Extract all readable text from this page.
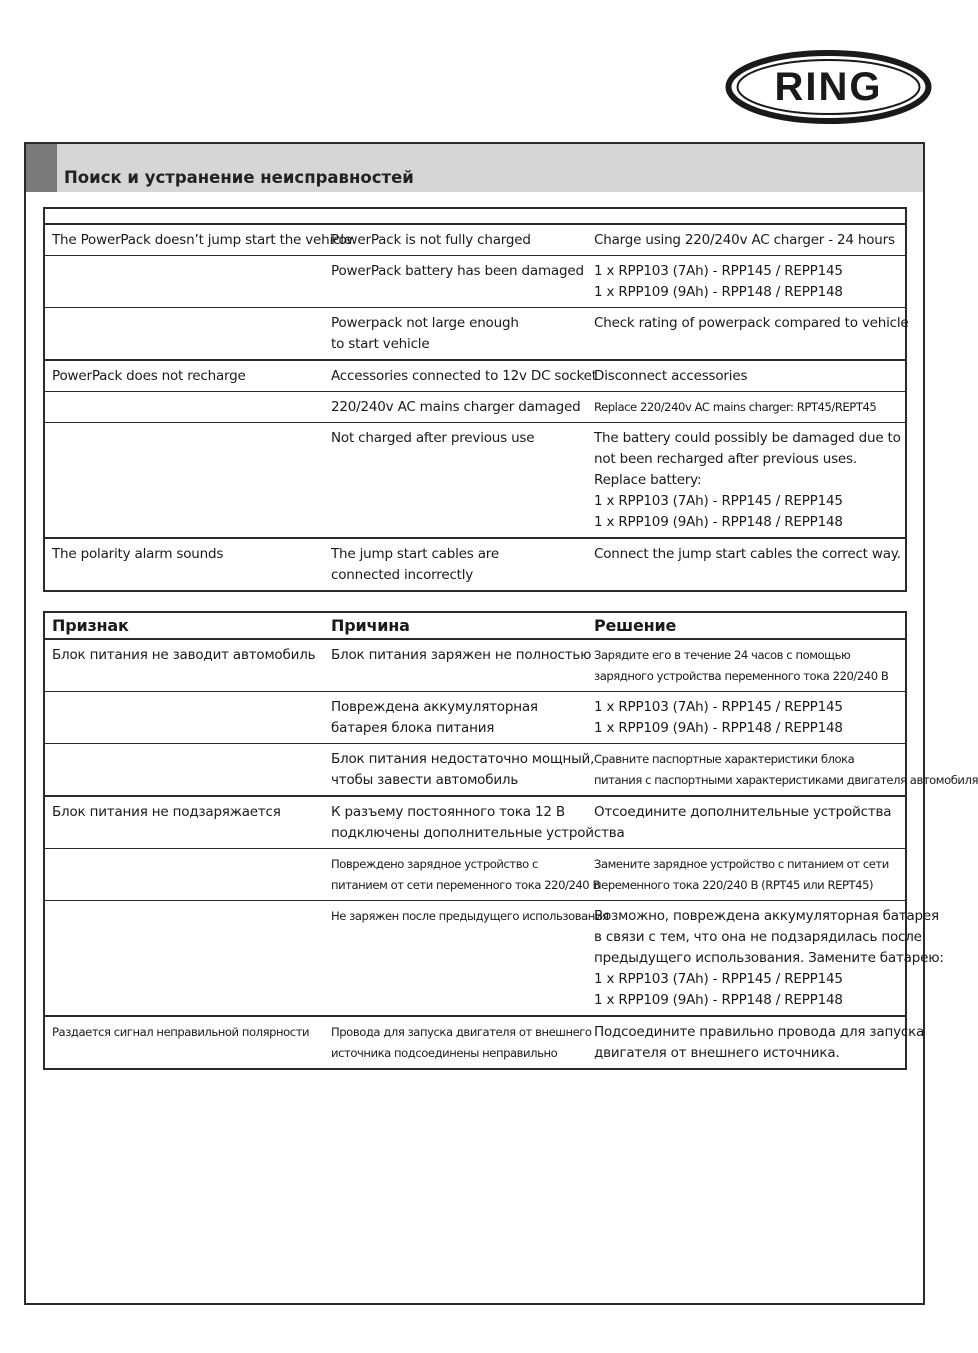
RING
Поиск и устранение неисправностей

The PowerPack doesn’t jump start the vehicle	PowerPack is not fully charged	Charge using 220/240v AC charger - 24 hours

	PowerPack battery has been damaged	1 x RPP103 (7Ah) - RPP145 / REPP145
1 x RPP109 (9Ah) - RPP148 / REPP148

	Powerpack not large enough
to start vehicle	Check rating of powerpack compared to vehicle

PowerPack does not recharge	Accessories connected to 12v DC socket	Disconnect accessories

	220/240v AC mains charger damaged	Replace 220/240v AC mains charger: RPT45/REPT45

	Not charged after previous use	The battery could possibly be damaged due to
not been recharged after previous uses.
Replace battery:
1 x RPP103 (7Ah) - RPP145 / REPP145
1 x RPP109 (9Ah) - RPP148 / REPP148

The polarity alarm sounds	The jump start cables are
connected incorrectly	Connect the jump start cables the correct way.
Признак	Причина	Решение

Блок питания не заводит автомобиль	Блок питания заряжен не полностью	Зарядите его в течение 24 часов с помощью
зарядного устройства переменного тока 220/240 В

	Повреждена аккумуляторная
батарея блока питания	1 x RPP103 (7Ah) - RPP145 / REPP145
1 x RPP109 (9Ah) - RPP148 / REPP148

	Блок питания недостаточно мощный,
чтобы завести автомобиль	Сравните паспортные характеристики блока
питания с паспортными характеристиками двигателя автомобиля

Блок питания не подзаряжается	К разъему постоянного тока 12 В
подключены дополнительные устройства	Отсоедините дополнительные устройства

	Повреждено зарядное устройство с
питанием от сети переменного тока 220/240 В	Замените зарядное устройство с питанием от сети
переменного тока 220/240 В (RPT45 или REPT45)

	Не заряжен после предыдущего использования	Возможно, повреждена аккумуляторная батарея
в связи с тем, что она не подзарядилась после
предыдущего использования. Замените батарею:
1 x RPP103 (7Ah) - RPP145 / REPP145
1 x RPP109 (9Ah) - RPP148 / REPP148

Раздается сигнал неправильной полярности	Провода для запуска двигателя от внешнего
источника подсоединены неправильно	Подсоедините правильно провода для запуска
двигателя от внешнего источника.
